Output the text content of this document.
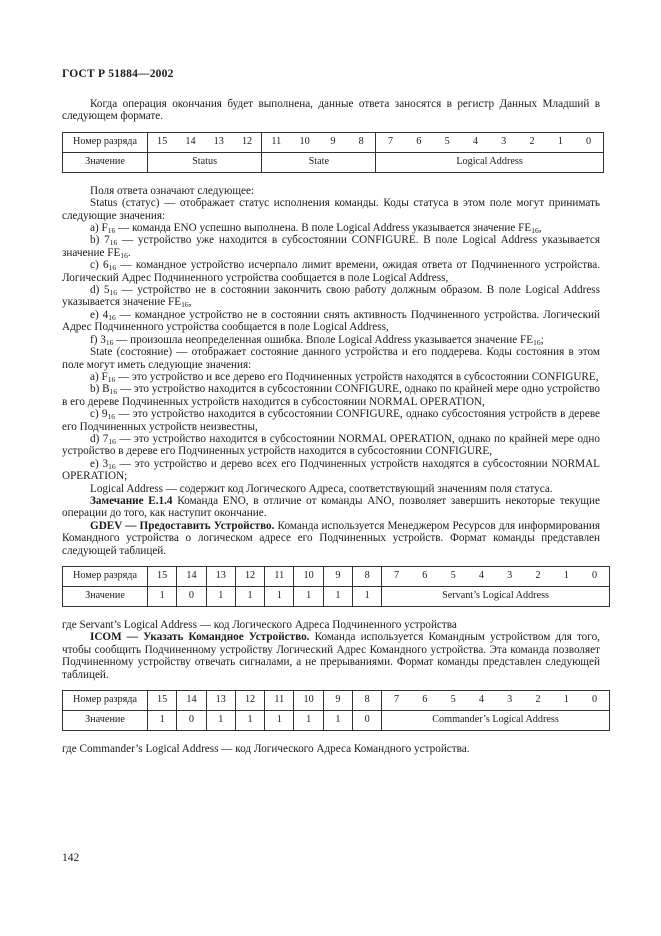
ГОСТ Р 51884—2002

Когда операция окончания будет выполнена, данные ответа заносятся в регистр Данных Младший в следующем формате.

Номер разряда	15	14	13	12	11	10	9	8	7	6	5	4	3	2	1	0
Значение	Status				State				Logical Address							

Поля ответа означают следующее:

Status (статус) — отображает статус исполнения команды. Коды статуса в этом поле могут принимать следующие значения:

a) $F_{16}$ — команда ENO успешно выполнена. В поле Logical Address указывается значение $FE_{16}$,

b) $7_{16}$ — устройство уже находится в субсостоянии CONFIGURE. В поле Logical Address указывается значение $FE_{16}$.

c) $6_{16}$ — командное устройство исчерпало лимит времени, ожидая ответа от Подчиненного устройства. Логический Адрес Подчиненного устройства сообщается в поле Logical Address,

d) $5_{16}$ — устройство не в состоянии закончить свою работу должным образом. В поле Logical Address указывается значение $FE_{16}$,

e) $4_{16}$ — командное устройство не в состоянии снять активность Подчиненного устройства. Логический Адрес Подчиненного устройства сообщается в поле Logical Address,

f) $3_{16}$ — произошла неопределенная ошибка. Вполе Logical Address указывается значение $FE_{16}$;

State (состояние) — отображает состояние данного устройства и его поддерева. Коды состояния в этом поле могут иметь следующие значения:

a) $F_{16}$ — это устройство и все дерево его Подчиненных устройств находятся в субсостоянии CONFIGURE,

b) $B_{16}$ — это устройство находится в субсостоянии CONFIGURE, однако по крайней мере одно устройство в его дереве Подчиненных устройств находится в субсостоянии NORMAL OPERATION,

c) $9_{16}$ — это устройство находится в субсостоянии CONFIGURE, однако субсостояния устройств в дереве его Подчиненных устройств неизвестны,

d) $7_{16}$ — это устройство находится в субсостоянии NORMAL OPERATION, однако по крайней мере одно устройство в дереве его Подчиненных устройств находится в субсостоянии CONFIGURE,

e) $3_{16}$ — это устройство и дерево всех его Подчиненных устройств находятся в субсостоянии NORMAL OPERATION;

Logical Address — содержит код Логического Адреса, соответствующий значениям поля статуса.

Замечание Е.1.4 Команда ENO, в отличие от команды ANO, позволяет завершить некоторые текущие операции до того, как наступит окончание.

GDEV — Предоставить Устройство. Команда используется Менеджером Ресурсов для информирования Командного устройства о логическом адресе его Подчиненных устройств. Формат команды представлен следующей таблицей.

Номер разряда	15	14	13	12	11	10	9	8	7	6	5	4	3	2	1	0
Значение	1	0	1	1	1	1	1	1	Servant’s Logical Address							

где Servant’s Logical Address — код Логического Адреса Подчиненного устройства

ICOM — Указать Командное Устройство. Команда используется Командным устройством для того, чтобы сообщить Подчиненному устройству Логический Адрес Командного устройства. Эта команда позволяет Подчиненному устройству отвечать сигналами, а не прерываниями. Формат команды представлен следующей таблицей.

Номер разряда	15	14	13	12	11	10	9	8	7	6	5	4	3	2	1	0
Значение	1	0	1	1	1	1	1	0	Commander’s Logical Address							

где Commander’s Logical Address — код Логического Адреса Командного устройства.

142
